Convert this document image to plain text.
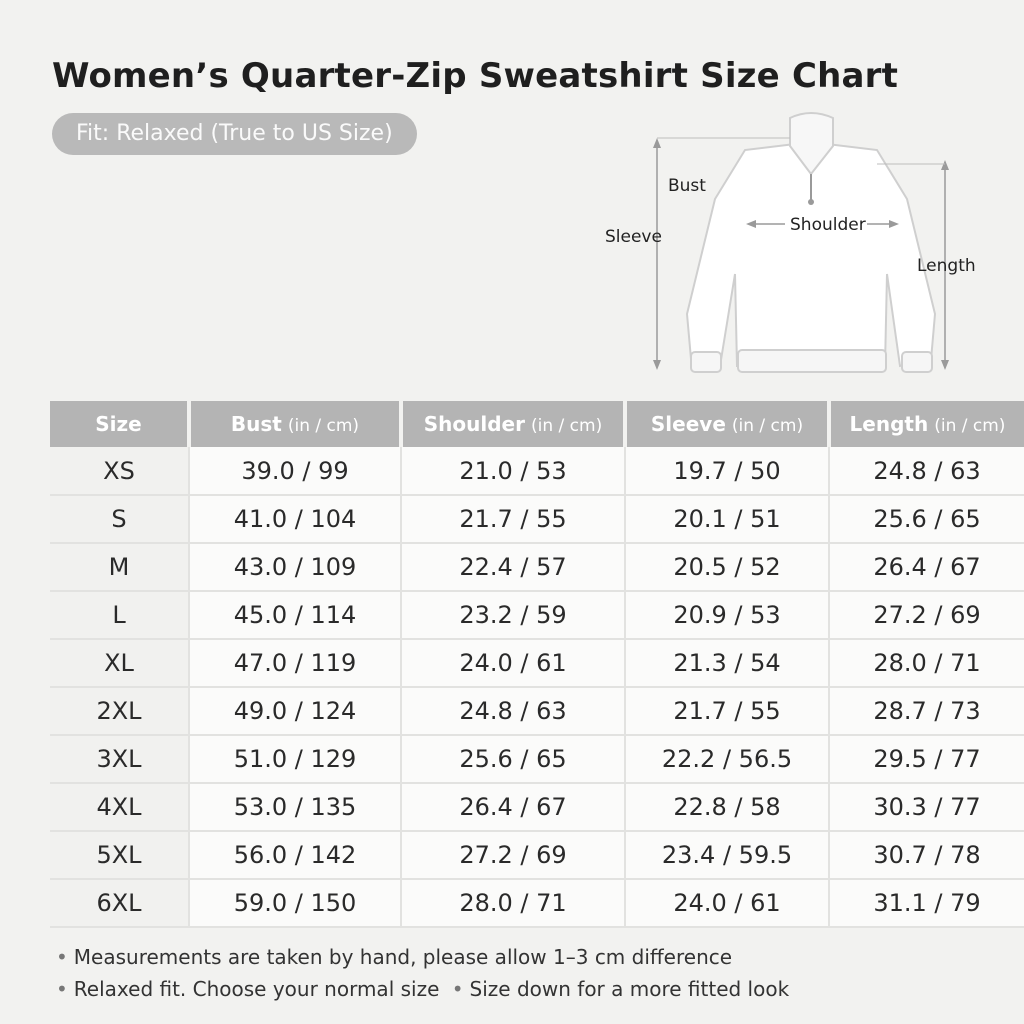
Women’s Quarter-Zip Sweatshirt Size Chart
Fit: Relaxed (True to US Size)
Bust
Sleeve
Shoulder
Length
Size	Bust (in / cm)	Shoulder (in / cm)	Sleeve (in / cm)	Length (in / cm)
XS	39.0 / 99	21.0 / 53	19.7 / 50	24.8 / 63
S	41.0 / 104	21.7 / 55	20.1 / 51	25.6 / 65
M	43.0 / 109	22.4 / 57	20.5 / 52	26.4 / 67
L	45.0 / 114	23.2 / 59	20.9 / 53	27.2 / 69
XL	47.0 / 119	24.0 / 61	21.3 / 54	28.0 / 71
2XL	49.0 / 124	24.8 / 63	21.7 / 55	28.7 / 73
3XL	51.0 / 129	25.6 / 65	22.2 / 56.5	29.5 / 77
4XL	53.0 / 135	26.4 / 67	22.8 / 58	30.3 / 77
5XL	56.0 / 142	27.2 / 69	23.4 / 59.5	30.7 / 78
6XL	59.0 / 150	28.0 / 71	24.0 / 61	31.1 / 79
• Measurements are taken by hand, please allow 1–3 cm difference
• Relaxed fit. Choose your normal size • Size down for a more fitted look
